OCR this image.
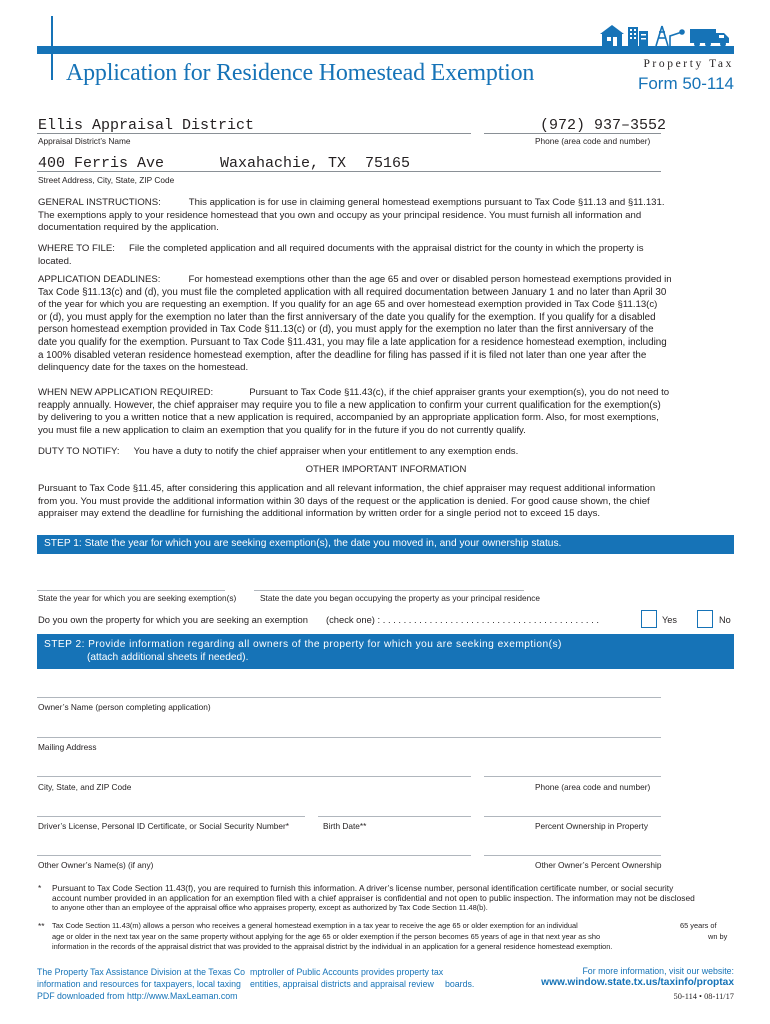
Application for Residence Homestead Exemption	Property Tax
Form 50-114
Ellis Appraisal District
Appraisal District’s Name
(972) 937–3552
Phone (area code and number)
400 Ferris Ave	Waxahachie, TX 75165
Street Address, City, State, ZIP Code
GENERAL INSTRUCTIONS:	This application is for use in claiming general homestead exemptions pursuant to Tax Code §11.13 and §11.131.
The exemptions apply to your residence homestead that you own and occupy as your principal residence. You must furnish all information and
documentation required by the application.
WHERE TO FILE: File the completed application and all required documents with the appraisal district for the county in which the property is
located.
APPLICATION DEADLINES:	For homestead exemptions other than the age 65 and over or disabled person homestead exemptions provided in
Tax Code §11.13(c) and (d), you must file the completed application with all required documentation between January 1 and no later than April 30
of the year for which you are requesting an exemption. If you qualify for an age 65 and over homestead exemption provided in Tax Code §11.13(c)
or (d), you must apply for the exemption no later than the first anniversary of the date you qualify for the exemption. If you qualify for a disabled
person homestead exemption provided in Tax Code §11.13(c) or (d), you must apply for the exemption no later than the first anniversary of the
date you qualify for the exemption. Pursuant to Tax Code §11.431, you may file a late application for a residence homestead exemption, including
a 100% disabled veteran residence homestead exemption, after the deadline for filing has passed if it is filed not later than one year after the
delinquency date for the taxes on the homestead.
WHEN NEW APPLICATION REQUIRED:	Pursuant to Tax Code §11.43(c), if the chief appraiser grants your exemption(s), you do not need to
reapply annually. However, the chief appraiser may require you to file a new application to confirm your current qualification for the exemption(s)
by delivering to you a written notice that a new application is required, accompanied by an appropriate application form. Also, for most exemptions,
you must file a new application to claim an exemption that you qualify for in the future if you do not currently qualify.
DUTY TO NOTIFY: You have a duty to notify the chief appraiser when your entitlement to any exemption ends.
OTHER IMPORTANT INFORMATION
Pursuant to Tax Code §11.45, after considering this application and all relevant information, the chief appraiser may request additional information
from you. You must provide the additional information within 30 days of the request or the application is denied. For good cause shown, the chief
appraiser may extend the deadline for furnishing the additional information by written order for a single period not to exceed 15 days.
STEP 1: State the year for which you are seeking exemption(s), the date you moved in, and your ownership status.
State the year for which you are seeking exemption(s)	State the date you began occupying the property as your principal residence
Do you own the property for which you are seeking an exemption (check one) : . . . . . . . . . . . . . . . . . . . . . . . . . . . . . . . . . . . . . . . . . .	Yes	No
STEP 2: Provide information regarding all owners of the property for which you are seeking exemption(s)
(attach additional sheets if needed).
Owner’s Name (person completing application)
Mailing Address
City, State, and ZIP Code	Phone (area code and number)
Driver’s License, Personal ID Certificate, or Social Security Number*	Birth Date**	Percent Ownership in Property
Other Owner’s Name(s) (if any)	Other Owner’s Percent Ownership
* Pursuant to Tax Code Section 11.43(f), you are required to furnish this information. A driver’s license number, personal identification certificate number, or social security
account number provided in an application for an exemption filed with a chief appraiser is confidential and not open to public inspection. The information may not be disclosed
to anyone other than an employee of the appraisal office who appraises property, except as authorized by Tax Code Section 11.48(b).
** Tax Code Section 11.43(m) allows a person who receives a general homestead exemption in a tax year to receive the age 65 or older exemption for an individual	65 years of
age or older in the next tax year on the same property without applying for the age 65 or older exemption if the person becomes 65 years of age in that next year as sho	wn by
information in the records of the appraisal district that was provided to the appraisal district by the individual in an application for a general residence homestead exemption.
The Property Tax Assistance Division at the Texas Co mptroller of Public Accounts provides property tax
information and resources for taxpayers, local taxing entities, appraisal districts and appraisal review boards.
PDF downloaded from http://www.MaxLeaman.com
For more information, visit our website:
www.window.state.tx.us/taxinfo/proptax
50-114 • 08-11/17
